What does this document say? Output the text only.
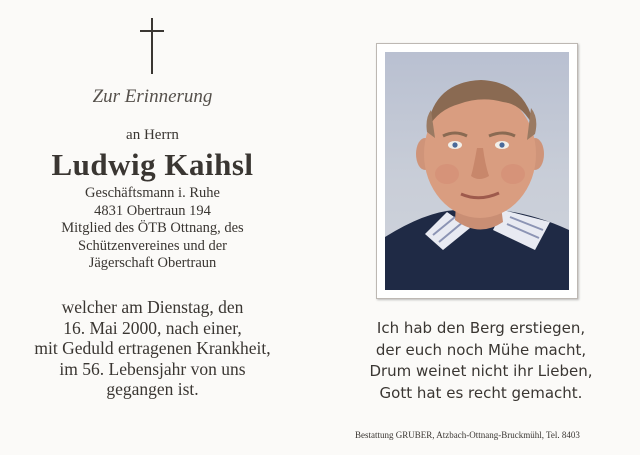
Zur Erinnerung
an Herrn
Ludwig Kaihsl
Geschäftsmann i. Ruhe
4831 Obertraun 194
Mitglied des ÖTB Ottnang, des
Schützenvereines und der
Jägerschaft Obertraun
welcher am Dienstag, den
16. Mai 2000, nach einer,
mit Geduld ertragenen Krankheit,
im 56. Lebensjahr von uns
gegangen ist.
Ich hab den Berg erstiegen,
der euch noch Mühe macht,
Drum weinet nicht ihr Lieben,
Gott hat es recht gemacht.
Bestattung GRUBER, Atzbach-Ottnang-Bruckmühl, Tel. 8403
